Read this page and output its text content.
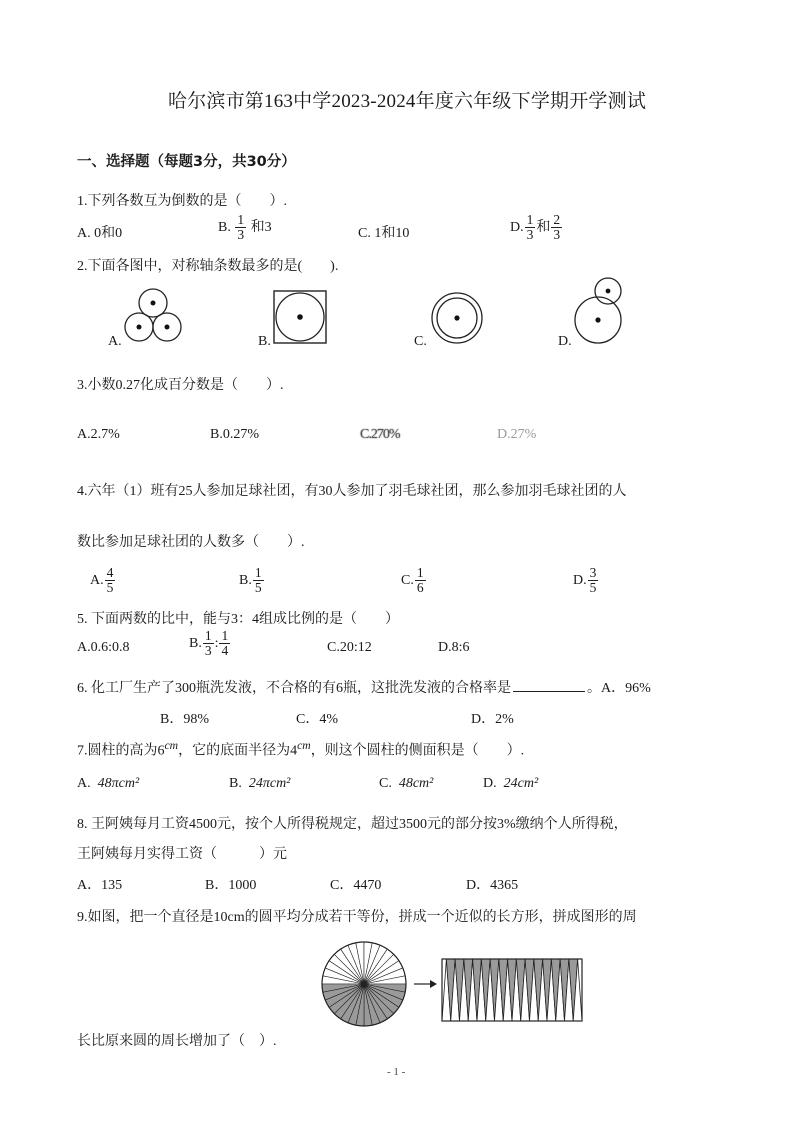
哈尔滨市第163中学2023-2024年度六年级下学期开学测试
一、选择题（每题3分，共30分）
1.下列各数互为倒数的是（　　）.
A. 0和0	B. $\frac{1}{3}$ 和3	C. 1和10	D. $\frac{1}{3}$ 和 $\frac{2}{3}$
2.下面各图中，对称轴条数最多的是(　　).
A.	B.	C.	D.
3.小数0.27化成百分数是（　　）.
A.2.7%	B.0.27%	C.270%	D.27%
4.六年（1）班有25人参加足球社团，有30人参加了羽毛球社团，那么参加羽毛球社团的人
数比参加足球社团的人数多（　　）.
A. $\frac{4}{5}$	B. $\frac{1}{5}$	C. $\frac{1}{6}$	D. $\frac{3}{5}$
5. 下面两数的比中，能与3：4组成比例的是（　　）
A.0.6:0.8	B. $\frac{1}{3}$ : $\frac{1}{4}$	C.20:12	D.8:6
6. 化工厂生产了300瓶洗发液，不合格的有6瓶，这批洗发液的合格率是	。A．96%
B．98%	C．4%	D．2%
7.圆柱的高为$6^{cm}$，它的底面半径为$4^{cm}$，则这个圆柱的侧面积是（　　）.
A. 48πcm²	B. 24πcm²	C. 48cm²	D. 24cm²
8. 王阿姨每月工资4500元，按个人所得税规定，超过3500元的部分按3%缴纳个人所得税，
王阿姨每月实得工资（　　　）元
A．135	B．1000	C．4470	D．4365
9.如图，把一个直径是10cm的圆平均分成若干等份，拼成一个近似的长方形，拼成图形的周
长比原来圆的周长增加了（　）.
- 1 -
